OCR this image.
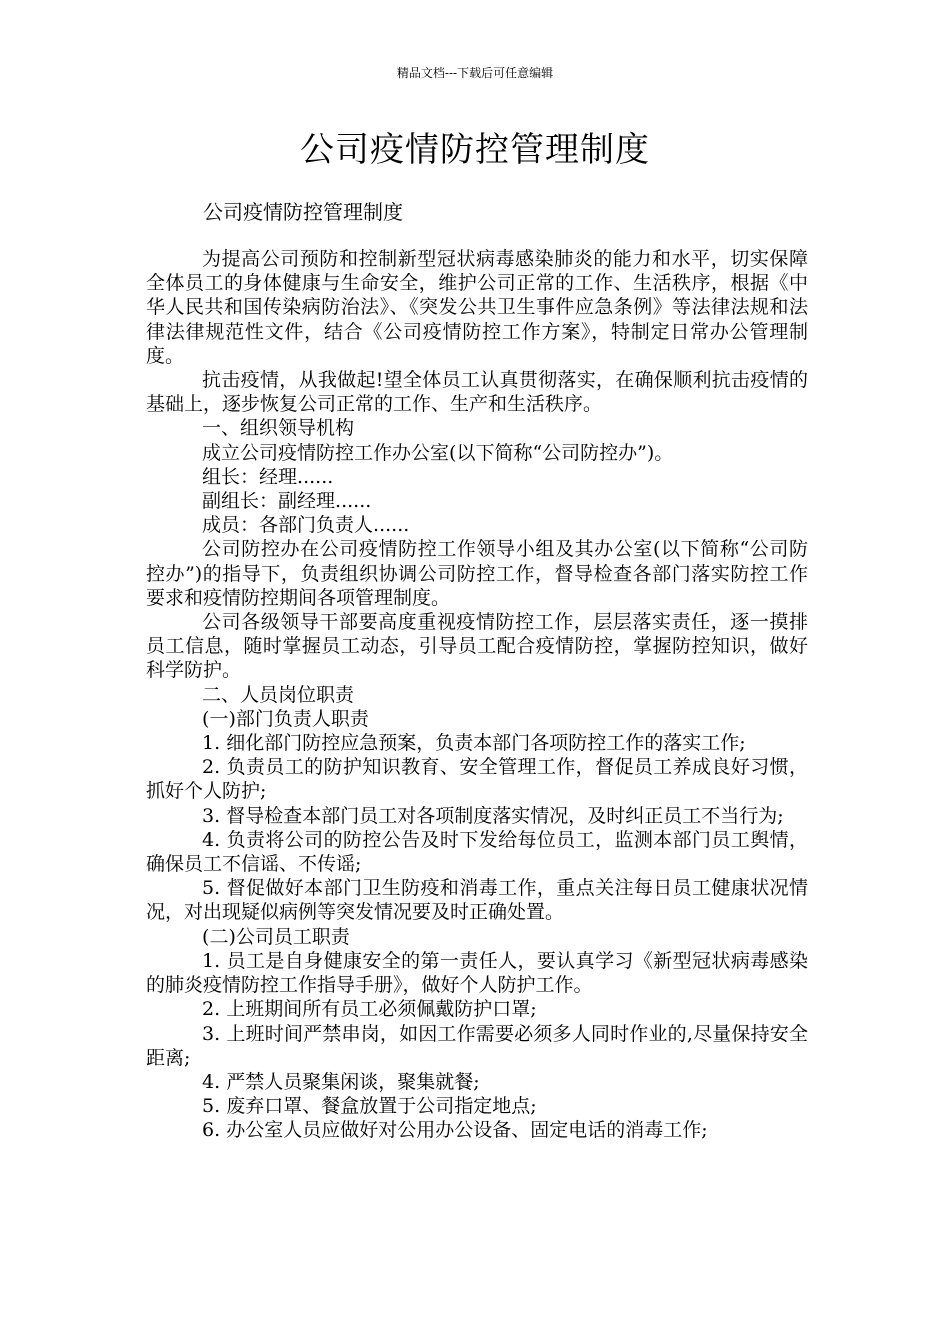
精品文档---下载后可任意编辑
公司疫情防控管理制度
公司疫情防控管理制度

为提高公司预防和控制新型冠状病毒感染肺炎的能力和水平，切实保障全体员工的身体健康与生命安全，维护公司正常的工作、生活秩序，根据《中华人民共和国传染病防治法》、《突发公共卫生事件应急条例》等法律法规和法律法律规范性文件，结合《公司疫情防控工作方案》，特制定日常办公管理制度。

抗击疫情，从我做起!望全体员工认真贯彻落实，在确保顺利抗击疫情的基础上，逐步恢复公司正常的工作、生产和生活秩序。

一、组织领导机构

成立公司疫情防控工作办公室(以下简称“公司防控办”)。

组长：经理......

副组长：副经理......

成员：各部门负责人......

公司防控办在公司疫情防控工作领导小组及其办公室(以下简称“公司防控办”)的指导下，负责组织协调公司防控工作，督导检查各部门落实防控工作要求和疫情防控期间各项管理制度。

公司各级领导干部要高度重视疫情防控工作，层层落实责任，逐一摸排员工信息，随时掌握员工动态，引导员工配合疫情防控，掌握防控知识，做好科学防护。

二、人员岗位职责

(一)部门负责人职责

1. 细化部门防控应急预案，负责本部门各项防控工作的落实工作;

2. 负责员工的防护知识教育、安全管理工作，督促员工养成良好习惯，抓好个人防护;

3. 督导检查本部门员工对各项制度落实情况，及时纠正员工不当行为;

4. 负责将公司的防控公告及时下发给每位员工，监测本部门员工舆情，确保员工不信谣、不传谣;

5. 督促做好本部门卫生防疫和消毒工作，重点关注每日员工健康状况情况，对出现疑似病例等突发情况要及时正确处置。

(二)公司员工职责

1. 员工是自身健康安全的第一责任人，要认真学习《新型冠状病毒感染的肺炎疫情防控工作指导手册》，做好个人防护工作。

2. 上班期间所有员工必须佩戴防护口罩;

3. 上班时间严禁串岗，如因工作需要必须多人同时作业的,尽量保持安全距离;

4. 严禁人员聚集闲谈，聚集就餐;

5. 废弃口罩、餐盒放置于公司指定地点;

6. 办公室人员应做好对公用办公设备、固定电话的消毒工作;
